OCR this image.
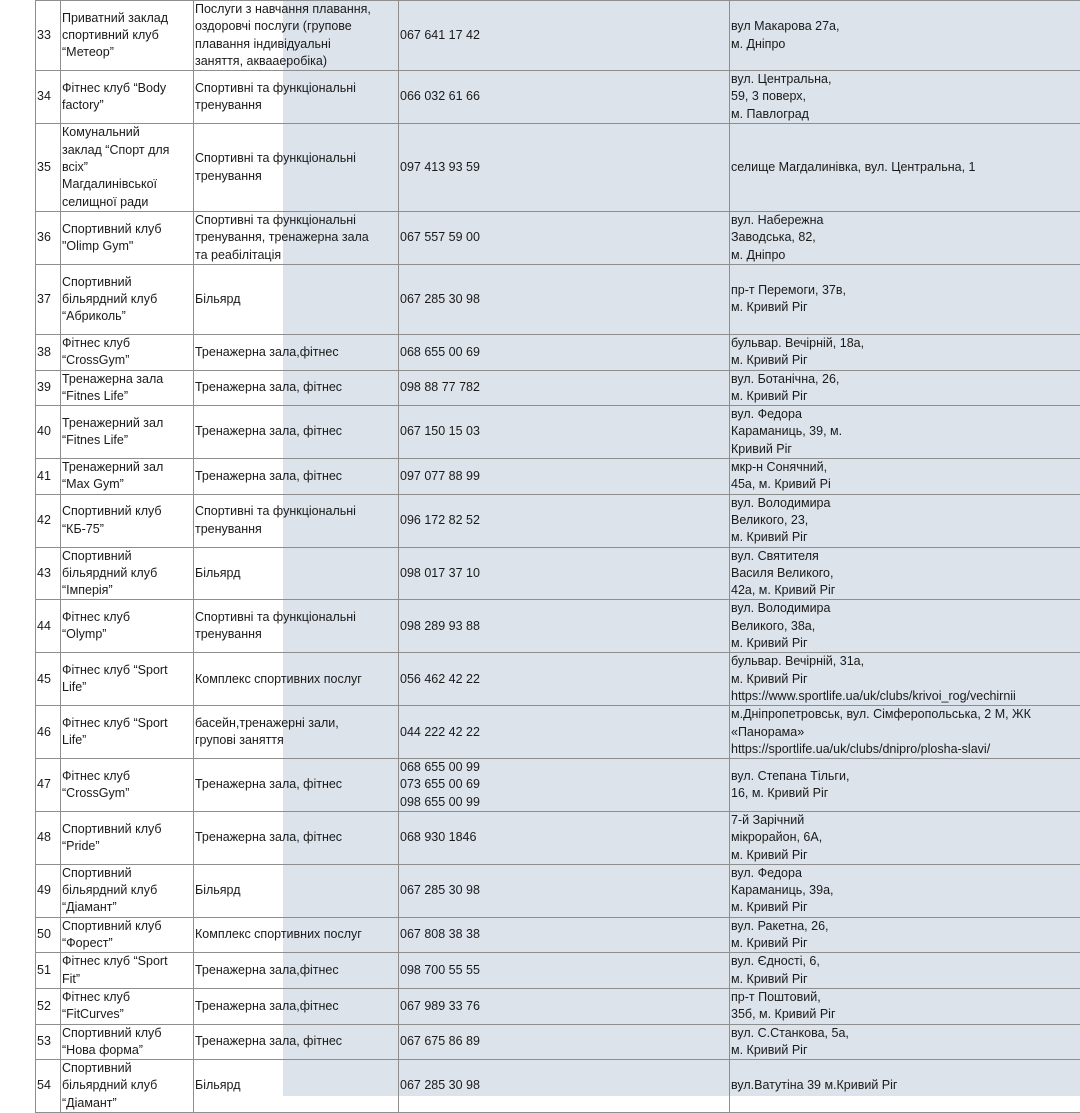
33	Приватний заклад
спортивний клуб
“Метеор”	Послуги з навчання плавання,
оздоровчі послуги (групове
плавання індивідуальні
заняття, аквааеробіка)	067 641 17 42	вул Макарова 27а,
м. Дніпро
34	Фітнес клуб “Body
factory”	Спортивні та функціональні
тренування	066 032 61 66	вул. Центральна,
59, 3 поверх,
м. Павлоград
35	Комунальний
заклад “Спорт для
всіх”
Магдалинівської
селищної ради	Спортивні та функціональні
тренування	097 413 93 59	селище Магдалинівка, вул. Центральна, 1
36	Спортивний клуб
"Olimp Gym"	Спортивні та функціональні
тренування, тренажерна зала
та реабілітація	067 557 59 00	вул. Набережна
Заводська, 82,
м. Дніпро
37	Спортивний
більярдний клуб
“Абриколь”	Більярд	067 285 30 98	пр-т Перемоги, 37в,
м. Кривий Ріг
38	Фітнес клуб
“CrossGym”	Тренажерна зала,фітнес	068 655 00 69	бульвар. Вечірній, 18а,
м. Кривий Ріг
39	Тренажерна зала
“Fitnes Life”	Тренажерна зала, фітнес	098 88 77 782	вул. Ботанічна, 26,
м. Кривий Ріг
40	Тренажерний зал
“Fitnes Life”	Тренажерна зала, фітнес	067 150 15 03	вул. Федора
Караманиць, 39, м.
Кривий Ріг
41	Тренажерний зал
“Max Gym”	Тренажерна зала, фітнес	097 077 88 99	мкр-н Сонячний,
45а, м. Кривий Рі
42	Спортивний клуб
“КБ-75”	Спортивні та функціональні
тренування	096 172 82 52	вул. Володимира
Великого, 23,
м. Кривий Ріг
43	Спортивний
більярдний клуб
“Імперія”	Більярд	098 017 37 10	вул. Святителя
Василя Великого,
42а, м. Кривий Ріг
44	Фітнес клуб
“Olymp”	Спортивні та функціональні
тренування	098 289 93 88	вул. Володимира
Великого, 38а,
м. Кривий Ріг
45	Фітнес клуб “Sport
Life”	Комплекс спортивних послуг	056 462 42 22	бульвар. Вечірній, 31а,
м. Кривий Ріг
https://www.sportlife.ua/uk/clubs/krivoi_rog/vechirnii
46	Фітнес клуб “Sport
Life”	басейн,тренажерні зали,
групові заняття	044 222 42 22	м.Дніпропетровськ, вул. Сімферопольська, 2 М, ЖК
«Панорама»
https://sportlife.ua/uk/clubs/dnipro/plosha-slavi/
47	Фітнес клуб
“CrossGym”	Тренажерна зала, фітнес	068 655 00 99
073 655 00 69
098 655 00 99	вул. Степана Тільги,
16, м. Кривий Ріг
48	Спортивний клуб
“Pride”	Тренажерна зала, фітнес	068 930 1846	7-й Зарічний
мікрорайон, 6А,
м. Кривий Ріг
49	Спортивний
більярдний клуб
“Діамант”	Більярд	067 285 30 98	вул. Федора
Караманиць, 39а,
м. Кривий Ріг
50	Спортивний клуб
“Форест”	Комплекс спортивних послуг	067 808 38 38	вул. Ракетна, 26,
м. Кривий Ріг
51	Фітнес клуб “Sport
Fit”	Тренажерна зала,фітнес	098 700 55 55	вул. Єдності, 6,
м. Кривий Ріг
52	Фітнес клуб
“FitCurves”	Тренажерна зала,фітнес	067 989 33 76	пр-т Поштовий,
35б, м. Кривий Ріг
53	Спортивний клуб
“Нова форма”	Тренажерна зала, фітнес	067 675 86 89	вул. С.Станкова, 5а,
м. Кривий Ріг
54	Спортивний
більярдний клуб
“Діамант”	Більярд	067 285 30 98	вул.Ватутіна 39 м.Кривий Ріг
